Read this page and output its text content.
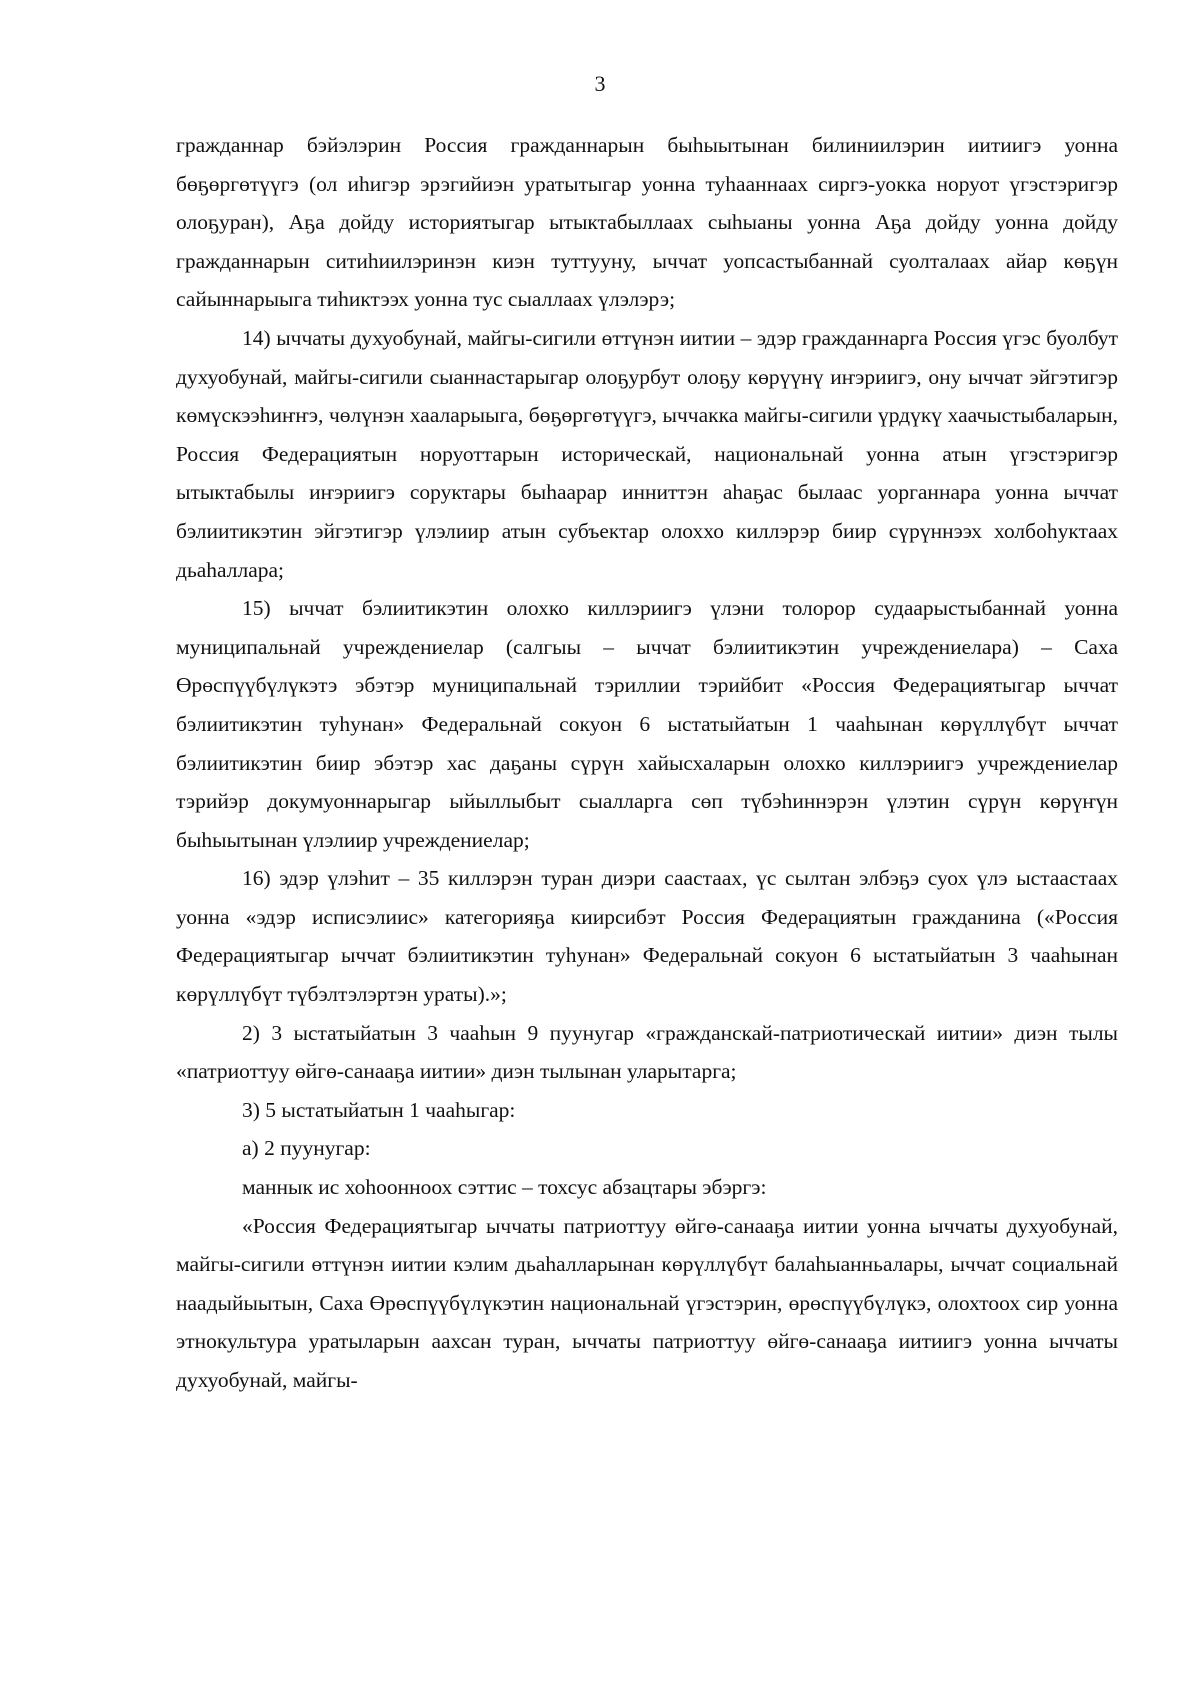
3

гражданнар бэйэлэрин Россия гражданнарын быһыытынан билиниилэрин иитиигэ уонна бөҕөргөтүүгэ (ол иһигэр эрэгийиэн уратытыгар уонна туһааннаах сиргэ-уокка норуот үгэстэригэр олоҕуран), Аҕа дойду историятыгар ытыктабыллаах сыһыаны уонна Аҕа дойду уонна дойду гражданнарын ситиһиилэринэн киэн туттууну, ыччат уопсастыбаннай суолталаах айар көҕүн сайыннарыыга тиһиктээх уонна тус сыаллаах үлэлэрэ;

14) ыччаты духуобунай, майгы-сигили өттүнэн иитии – эдэр гражданнарга Россия үгэс буолбут духуобунай, майгы-сигили сыаннастарыгар олоҕурбут олоҕу көрүүнү иҥэриигэ, ону ыччат эйгэтигэр көмүскээһиҥҥэ, чөлүнэн хааларыыга, бөҕөргөтүүгэ, ыччакка майгы-сигили үрдүкү хаачыстыбаларын, Россия Федерациятын норуоттарын историческай, национальнай уонна атын үгэстэригэр ытыктабылы иҥэриигэ соруктары быһаарар инниттэн аһаҕас былаас уорганнара уонна ыччат бэлиитикэтин эйгэтигэр үлэлиир атын субъектар олоххо киллэрэр биир сүрүннээх холбоһуктаах дьаһаллара;

15) ыччат бэлиитикэтин олохко киллэриигэ үлэни толорор судаарыстыбаннай уонна муниципальнай учреждениелар (салгыы – ыччат бэлиитикэтин учреждениелара) – Саха Өрөспүүбүлүкэтэ эбэтэр муниципальнай тэриллии тэрийбит «Россия Федерациятыгар ыччат бэлиитикэтин туһунан» Федеральнай сокуон 6 ыстатыйатын 1 чааһынан көрүллүбүт ыччат бэлиитикэтин биир эбэтэр хас даҕаны сүрүн хайысхаларын олохко киллэриигэ учреждениелар тэрийэр докумуоннарыгар ыйыллыбыт сыалларга сөп түбэһиннэрэн үлэтин сүрүн көрүҥүн быһыытынан үлэлиир учреждениелар;

16) эдэр үлэһит – 35 киллэрэн туран диэри саастаах, үс сылтан элбэҕэ суох үлэ ыстаастаах уонна «эдэр исписэлиис» категорияҕа киирсибэт Россия Федерациятын гражданина («Россия Федерациятыгар ыччат бэлиитикэтин туһунан» Федеральнай сокуон 6 ыстатыйатын 3 чааһынан көрүллүбүт түбэлтэлэртэн ураты).»;

2) 3 ыстатыйатын 3 чааһын 9 пуунугар «гражданскай-патриотическай иитии» диэн тылы «патриоттуу өйгө-санааҕа иитии» диэн тылынан уларытарга;

3) 5 ыстатыйатын 1 чааһыгар:

а) 2 пуунугар:

маннык ис хоһоонноох сэттис – тохсус абзацтары эбэргэ:

«Россия Федерациятыгар ыччаты патриоттуу өйгө-санааҕа иитии уонна ыччаты духуобунай, майгы-сигили өттүнэн иитии кэлим дьаһалларынан көрүллүбүт балаһыанньалары, ыччат социальнай наадыйыытын, Саха Өрөспүүбүлүкэтин национальнай үгэстэрин, өрөспүүбүлүкэ, олохтоох сир уонна этнокультура уратыларын аахсан туран, ыччаты патриоттуу өйгө-санааҕа иитиигэ уонна ыччаты духуобунай, майгы-
